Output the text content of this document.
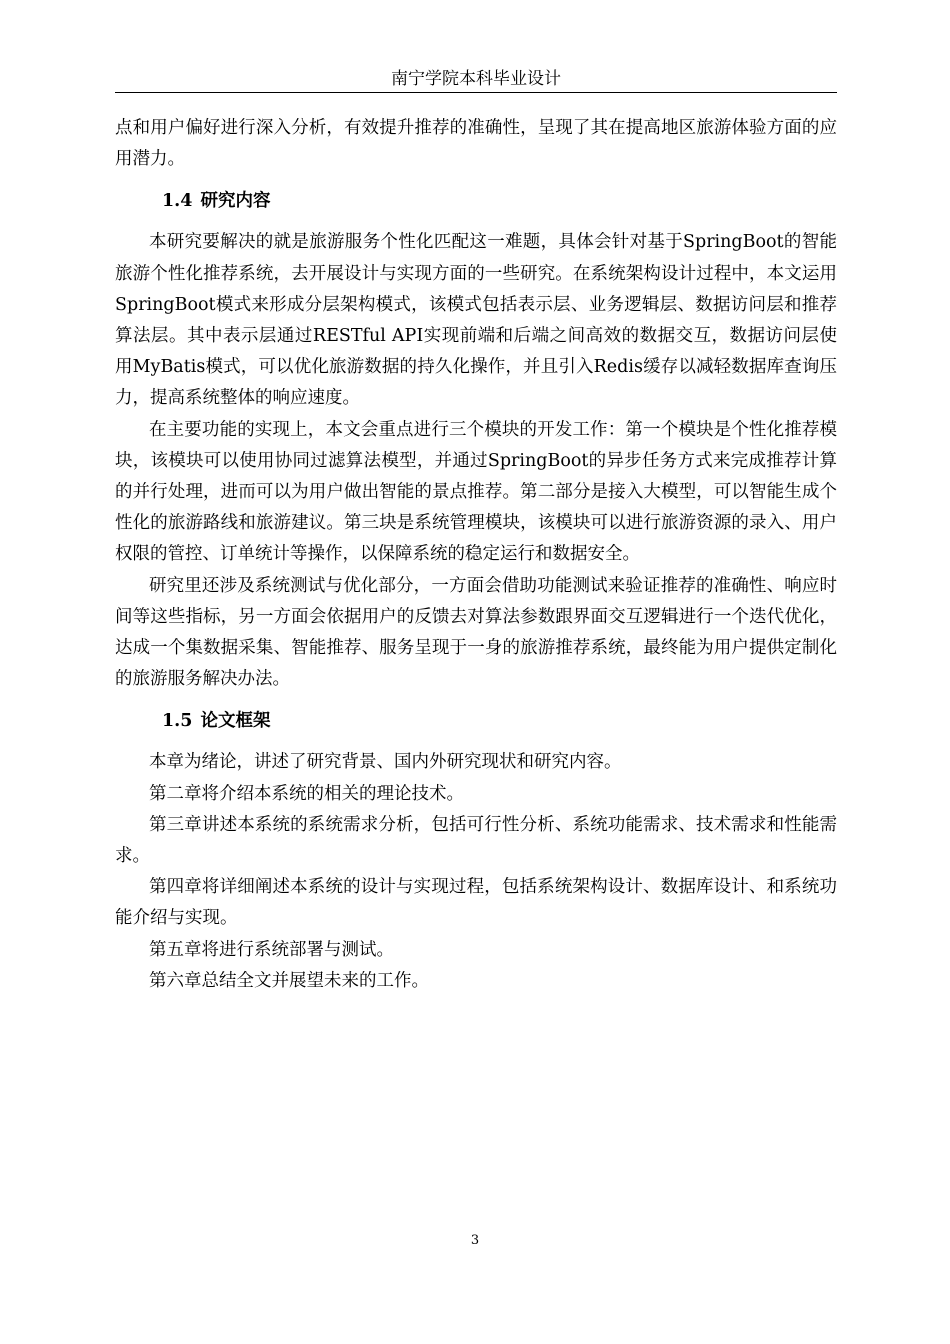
南宁学院本科毕业设计

点和用户偏好进行深入分析，有效提升推荐的准确性，呈现了其在提高地区旅游体验方面的应用潜力。

1.4 研究内容

本研究要解决的就是旅游服务个性化匹配这一难题，具体会针对基于SpringBoot的智能旅游个性化推荐系统，去开展设计与实现方面的一些研究。在系统架构设计过程中，本文运用SpringBoot模式来形成分层架构模式，该模式包括表示层、业务逻辑层、数据访问层和推荐算法层。其中表示层通过RESTful API实现前端和后端之间高效的数据交互，数据访问层使用MyBatis模式，可以优化旅游数据的持久化操作，并且引入Redis缓存以减轻数据库查询压力，提高系统整体的响应速度。

在主要功能的实现上，本文会重点进行三个模块的开发工作：第一个模块是个性化推荐模块，该模块可以使用协同过滤算法模型，并通过SpringBoot的异步任务方式来完成推荐计算的并行处理，进而可以为用户做出智能的景点推荐。第二部分是接入大模型，可以智能生成个性化的旅游路线和旅游建议。第三块是系统管理模块，该模块可以进行旅游资源的录入、用户权限的管控、订单统计等操作，以保障系统的稳定运行和数据安全。

研究里还涉及系统测试与优化部分，一方面会借助功能测试来验证推荐的准确性、响应时间等这些指标，另一方面会依据用户的反馈去对算法参数跟界面交互逻辑进行一个迭代优化，达成一个集数据采集、智能推荐、服务呈现于一身的旅游推荐系统，最终能为用户提供定制化的旅游服务解决办法。

1.5 论文框架

本章为绪论，讲述了研究背景、国内外研究现状和研究内容。

第二章将介绍本系统的相关的理论技术。

第三章讲述本系统的系统需求分析，包括可行性分析、系统功能需求、技术需求和性能需求。

第四章将详细阐述本系统的设计与实现过程，包括系统架构设计、数据库设计、和系统功能介绍与实现。

第五章将进行系统部署与测试。

第六章总结全文并展望未来的工作。

3
